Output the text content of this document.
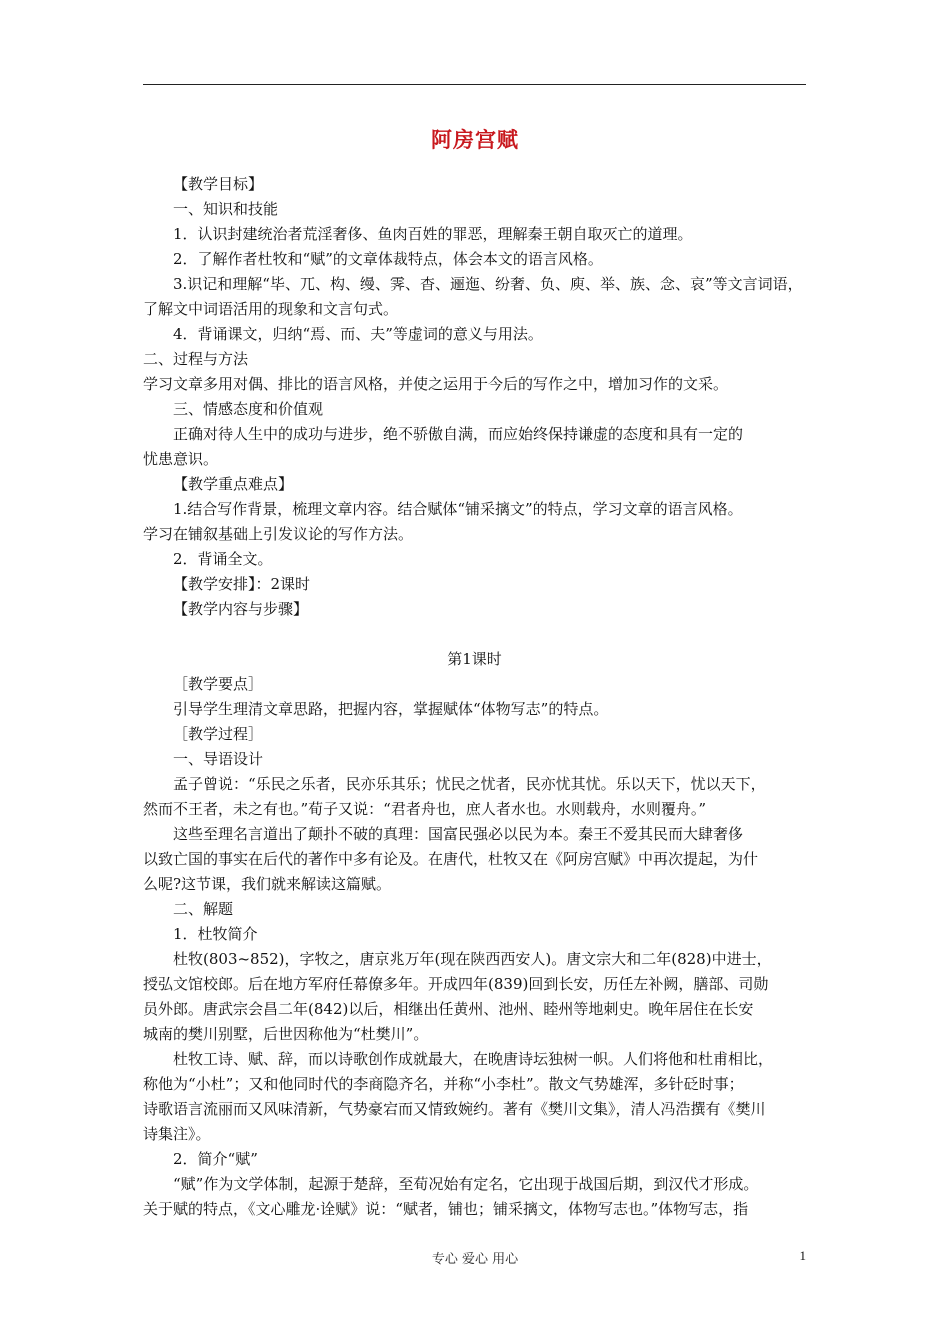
阿房宫赋
【教学目标】
一、知识和技能
1．认识封建统治者荒淫奢侈、鱼肉百姓的罪恶，理解秦王朝自取灭亡的道理。
2．了解作者杜牧和“赋”的文章体裁特点，体会本文的语言风格。
3.识记和理解“毕、兀、构、缦、霁、杳、逦迤、纷奢、负、庾、举、族、念、哀”等文言词语，
了解文中词语活用的现象和文言句式。
4．背诵课文，归纳“焉、而、夫”等虚词的意义与用法。
二、过程与方法
学习文章多用对偶、排比的语言风格，并使之运用于今后的写作之中，增加习作的文采。
三、情感态度和价值观
正确对待人生中的成功与进步，绝不骄傲自满，而应始终保持谦虚的态度和具有一定的
忧患意识。
【教学重点难点】
1.结合写作背景，梳理文章内容。结合赋体“铺采摛文”的特点，学习文章的语言风格。
学习在铺叙基础上引发议论的写作方法。
2．背诵全文。
【教学安排】：2课时
【教学内容与步骤】
第1课时
［教学要点］
引导学生理清文章思路，把握内容，掌握赋体“体物写志”的特点。
［教学过程］
一、导语设计
孟子曾说：“乐民之乐者，民亦乐其乐；忧民之忧者，民亦忧其忧。乐以天下，忧以天下，
然而不王者，未之有也。”荀子又说：“君者舟也，庶人者水也。水则载舟，水则覆舟。”
这些至理名言道出了颠扑不破的真理：国富民强必以民为本。秦王不爱其民而大肆奢侈
以致亡国的事实在后代的著作中多有论及。在唐代，杜牧又在《阿房宫赋》中再次提起，为什
么呢?这节课，我们就来解读这篇赋。
二、解题
1．杜牧简介
杜牧(803~852)，字牧之，唐京兆万年(现在陕西西安人)。唐文宗大和二年(828)中进士，
授弘文馆校郎。后在地方军府任幕僚多年。开成四年(839)回到长安，历任左补阙，膳部、司勋
员外郎。唐武宗会昌二年(842)以后，相继出任黄州、池州、睦州等地刺史。晚年居住在长安
城南的樊川别墅，后世因称他为“杜樊川”。
杜牧工诗、赋、辞，而以诗歌创作成就最大，在晚唐诗坛独树一帜。人们将他和杜甫相比，
称他为“小杜”；又和他同时代的李商隐齐名，并称“小李杜”。散文气势雄浑，多针砭时事；
诗歌语言流丽而又风味清新，气势豪宕而又情致婉约。著有《樊川文集》，清人冯浩撰有《樊川
诗集注》。
2．简介“赋”
“赋”作为文学体制，起源于楚辞，至荀况始有定名，它出现于战国后期，到汉代才形成。
关于赋的特点，《文心雕龙·诠赋》说：“赋者，铺也；铺采摛文，体物写志也。”体物写志，指
专心 爱心 用心	1
